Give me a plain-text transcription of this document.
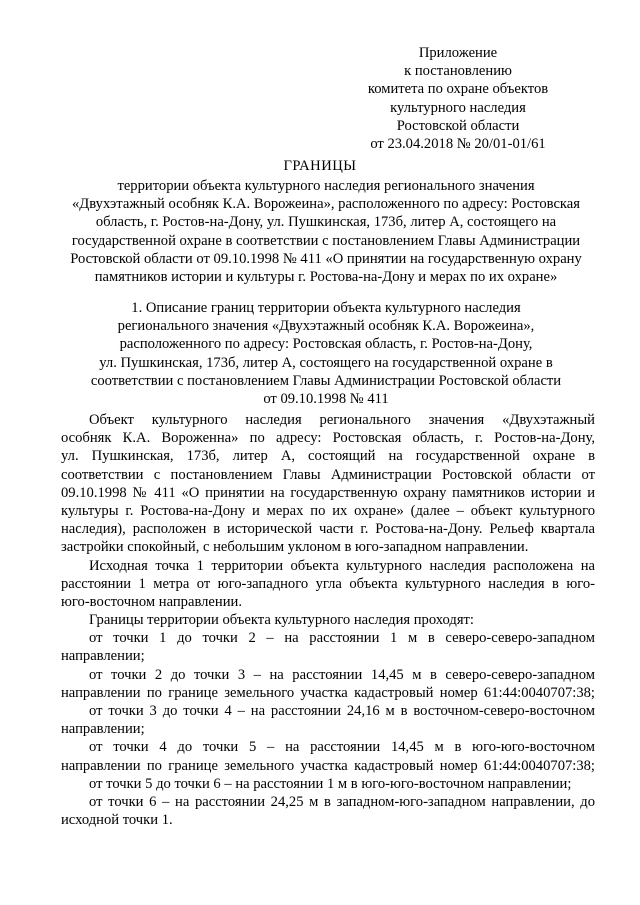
Приложение
к постановлению
комитета по охране объектов
культурного наследия
Ростовской области
от 23.04.2018 № 20/01-01/61
ГРАНИЦЫ
территории объекта культурного наследия регионального значения
«Двухэтажный особняк К.А. Ворожеина», расположенного по адресу: Ростовская
область, г. Ростов-на-Дону, ул. Пушкинская, 173б, литер А, состоящего на
государственной охране в соответствии с постановлением Главы Администрации
Ростовской области от 09.10.1998 № 411 «О принятии на государственную охрану
памятников истории и культуры г. Ростова-на-Дону и мерах по их охране»
1. Описание границ территории объекта культурного наследия
регионального значения «Двухэтажный особняк К.А. Ворожеина»,
расположенного по адресу: Ростовская область, г. Ростов-на-Дону,
ул. Пушкинская, 173б, литер А, состоящего на государственной охране в
соответствии с постановлением Главы Администрации Ростовской области
от 09.10.1998 № 411
Объект культурного наследия регионального значения «Двухэтажный
особняк К.А. Вороженна» по адресу: Ростовская область, г. Ростов-на-Дону,
ул. Пушкинская, 173б, литер А, состоящий на государственной охране в
соответствии с постановлением Главы Администрации Ростовской области от
09.10.1998 № 411 «О принятии на государственную охрану памятников истории и
культуры г. Ростова-на-Дону и мерах по их охране» (далее – объект культурного
наследия), расположен в исторической части г. Ростова-на-Дону. Рельеф квартала
застройки спокойный, с небольшим уклоном в юго-западном направлении.
Исходная точка 1 территории объекта культурного наследия расположена на
расстоянии 1 метра от юго-западного угла объекта культурного наследия в юго-
юго-восточном направлении.
Границы территории объекта культурного наследия проходят:
от точки 1 до точки 2 – на расстоянии 1 м в северо-северо-западном
направлении;
от точки 2 до точки 3 – на расстоянии 14,45 м в северо-северо-западном
направлении по границе земельного участка кадастровый номер 61:44:0040707:38;
от точки 3 до точки 4 – на расстоянии 24,16 м в восточном-северо-восточном
направлении;
от точки 4 до точки 5 – на расстоянии 14,45 м в юго-юго-восточном
направлении по границе земельного участка кадастровый номер 61:44:0040707:38;
от точки 5 до точки 6 – на расстоянии 1 м в юго-юго-восточном направлении;
от точки 6 – на расстоянии 24,25 м в западном-юго-западном направлении, до
исходной точки 1.
